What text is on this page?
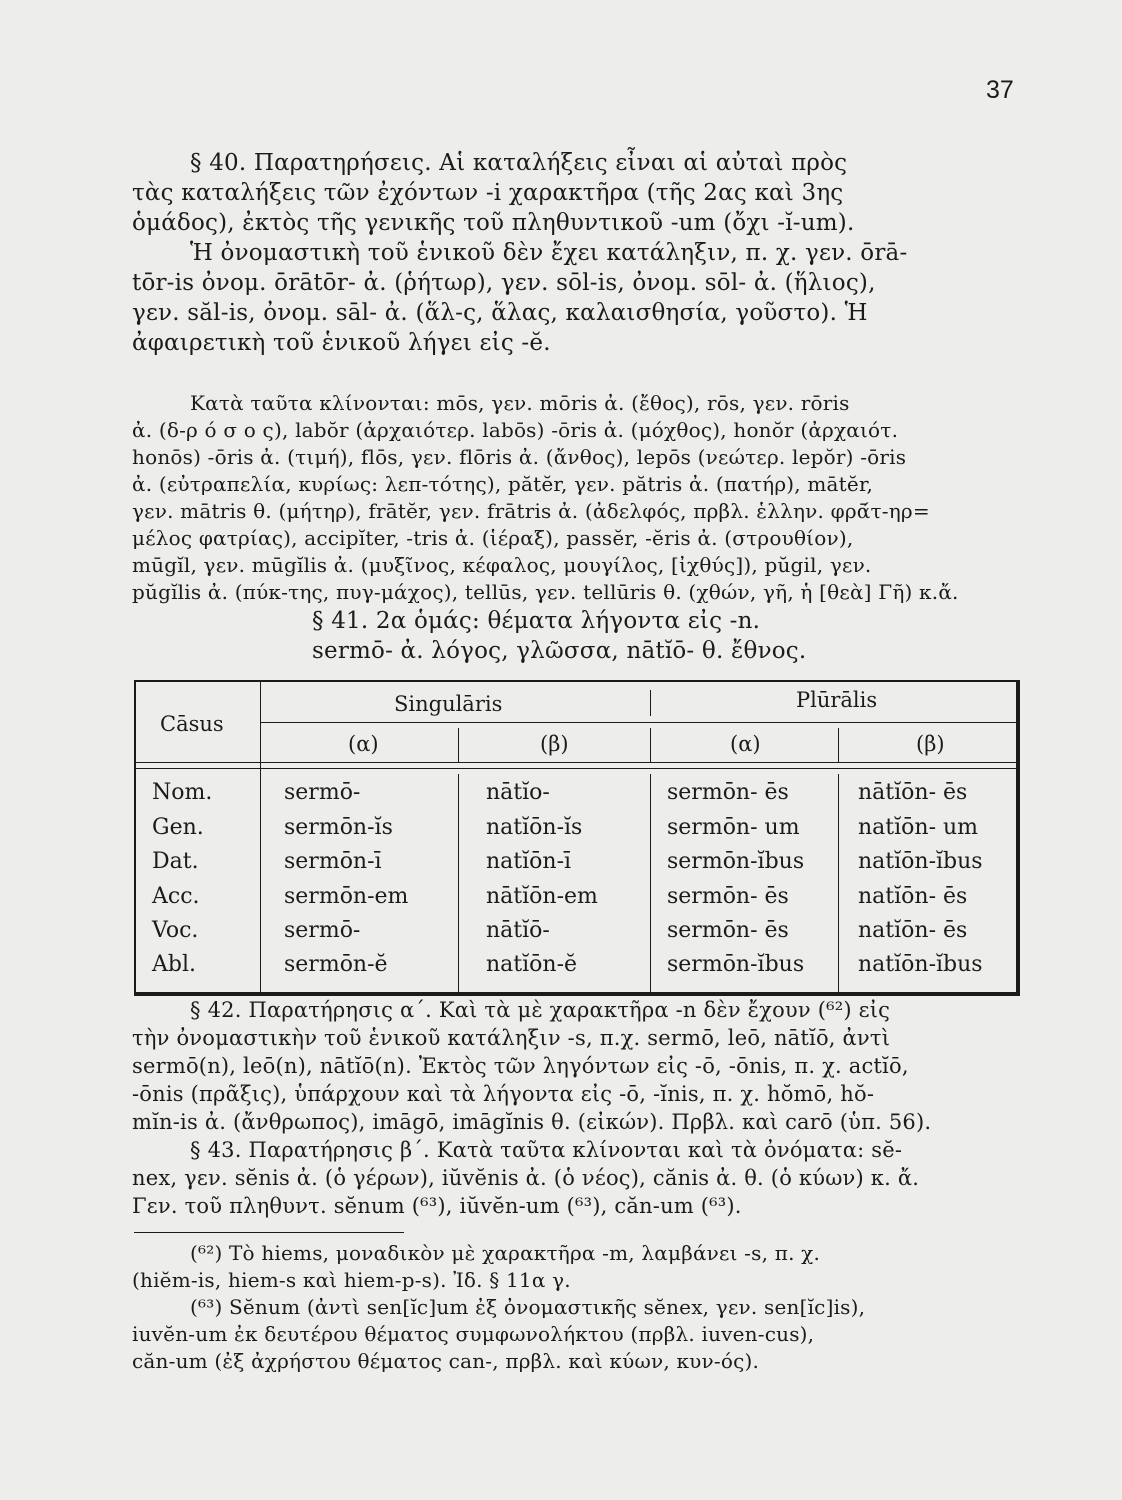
37
§ 40. Παρατηρήσεις. Αἱ καταλήξεις εἶναι αἱ αὐταὶ πρὸς
τὰς καταλήξεις τῶν ἐχόντων -i χαρακτῆρα (τῆς 2ας καὶ 3ης
ὁμάδος), ἐκτὸς τῆς γενικῆς τοῦ πληθυντικοῦ -um (ὄχι -ĭ-um).
Ἡ ὀνομαστικὴ τοῦ ἑνικοῦ δὲν ἔχει κατάληξιν, π. χ. γεν. ōrā-
tōr-is ὀνομ. ōrātōr- ἀ. (ῥήτωρ), γεν. sōl-is, ὀνομ. sōl- ἀ. (ἥλιος),
γεν. săl-is, ὀνομ. sāl- ἀ. (ἅλ-ς, ἅλας, καλαισθησία, γοῦστο). Ἡ
ἀφαιρετικὴ τοῦ ἑνικοῦ λήγει εἰς -ĕ.
Κατὰ ταῦτα κλίνονται: mōs, γεν. mōris ἀ. (ἔθος), rōs, γεν. rōris
ἀ. (δ-ρ ό σ ο ς), labŏr (ἀρχαιότερ. labōs) -ōris ἀ. (μόχθος), honŏr (ἀρχαιότ.
honōs) -ōris ἀ. (τιμή), flōs, γεν. flōris ἀ. (ἄνθος), lepōs (νεώτερ. lepŏr) -ōris
ἀ. (εὐτραπελία, κυρίως: λεπ-τότης), pătĕr, γεν. pătris ἀ. (πατήρ), mātĕr,
γεν. mātris θ. (μήτηρ), frātĕr, γεν. frātris ἀ. (ἀδελφός, πρβλ. ἑλλην. φρᾱ́τ-ηρ=
μέλος φατρίας), accipĭter, -tris ἀ. (ἱέραξ), passĕr, -ĕris ἀ. (στρουθίον),
mūgĭl, γεν. mūgĭlis ἀ. (μυξῖνος, κέφαλος, μουγίλος, [ἰχθύς]), pŭgil, γεν.
pŭgĭlis ἀ. (πύκ-της, πυγ-μάχος), tellūs, γεν. tellūris θ. (χθών, γῆ, ἡ [θεὰ] Γῆ) κ.ἄ.
§ 41. 2α ὁμάς: θέματα λήγοντα εἰς -n.
sermō- ἀ. λόγος, γλῶσσα, nātĭō- θ. ἔθνος.
Cāsus
Singulāris	Plūrālis
(α)	(β)	(α)	(β)
Nom.	sermō-	nātĭo-	sermōn- ēs	nātĭōn- ēs
Gen.	sermōn-ĭs	natĭōn-ĭs	sermōn- um	natĭōn- um
Dat.	sermōn-ī	natĭōn-ī	sermōn-ĭbus natĭōn-ĭbus
Acc.	sermōn-em	nātĭōn-em	sermōn- ēs	natĭōn- ēs
Voc.	sermō-	nātĭō-	sermōn- ēs	natĭōn- ēs
Abl.	sermōn-ĕ	natĭōn-ĕ	sermōn-ĭbus natĭōn-ĭbus
§ 42. Παρατήρησις α΄. Καὶ τὰ μὲ χαρακτῆρα -n δὲν ἔχουν (⁶²) εἰς
τὴν ὀνομαστικὴν τοῦ ἑνικοῦ κατάληξιν -s, π.χ. sermō, leō, nātĭō, ἀντὶ
sermō(n), leō(n), nātĭō(n). Ἐκτὸς τῶν ληγόντων εἰς -ō, -ōnis, π. χ. actĭō,
-ōnis (πρᾶξις), ὑπάρχουν καὶ τὰ λήγοντα εἰς -ō, -ĭnis, π. χ. hŏmō, hŏ-
mĭn-is ἀ. (ἄνθρωπος), imāgō, imāgĭnis θ. (εἰκών). Πρβλ. καὶ carō (ὑπ. 56).
§ 43. Παρατήρησις β΄. Κατὰ ταῦτα κλίνονται καὶ τὰ ὀνόματα: sĕ-
nex, γεν. sĕnis ἀ. (ὁ γέρων), iŭvĕnis ἀ. (ὁ νέος), cănis ἀ. θ. (ὁ κύων) κ. ἄ.
Γεν. τοῦ πληθυντ. sĕnum (⁶³), iŭvĕn-um (⁶³), căn-um (⁶³).
(⁶²) Τὸ hiems, μοναδικὸν μὲ χαρακτῆρα -m, λαμβάνει -s, π. χ.
(hiĕm-is, hiem-s καὶ hiem-p-s). Ἰδ. § 11α γ.
(⁶³) Sĕnum (ἀντὶ sen[ĭc]um ἐξ ὀνομαστικῆς sĕnex, γεν. sen[ĭc]is),
iuvĕn-um ἐκ δευτέρου θέματος συμφωνολήκτου (πρβλ. iuven-cus),
căn-um (ἐξ ἀχρήστου θέματος can-, πρβλ. καὶ κύων, κυν-ός).
